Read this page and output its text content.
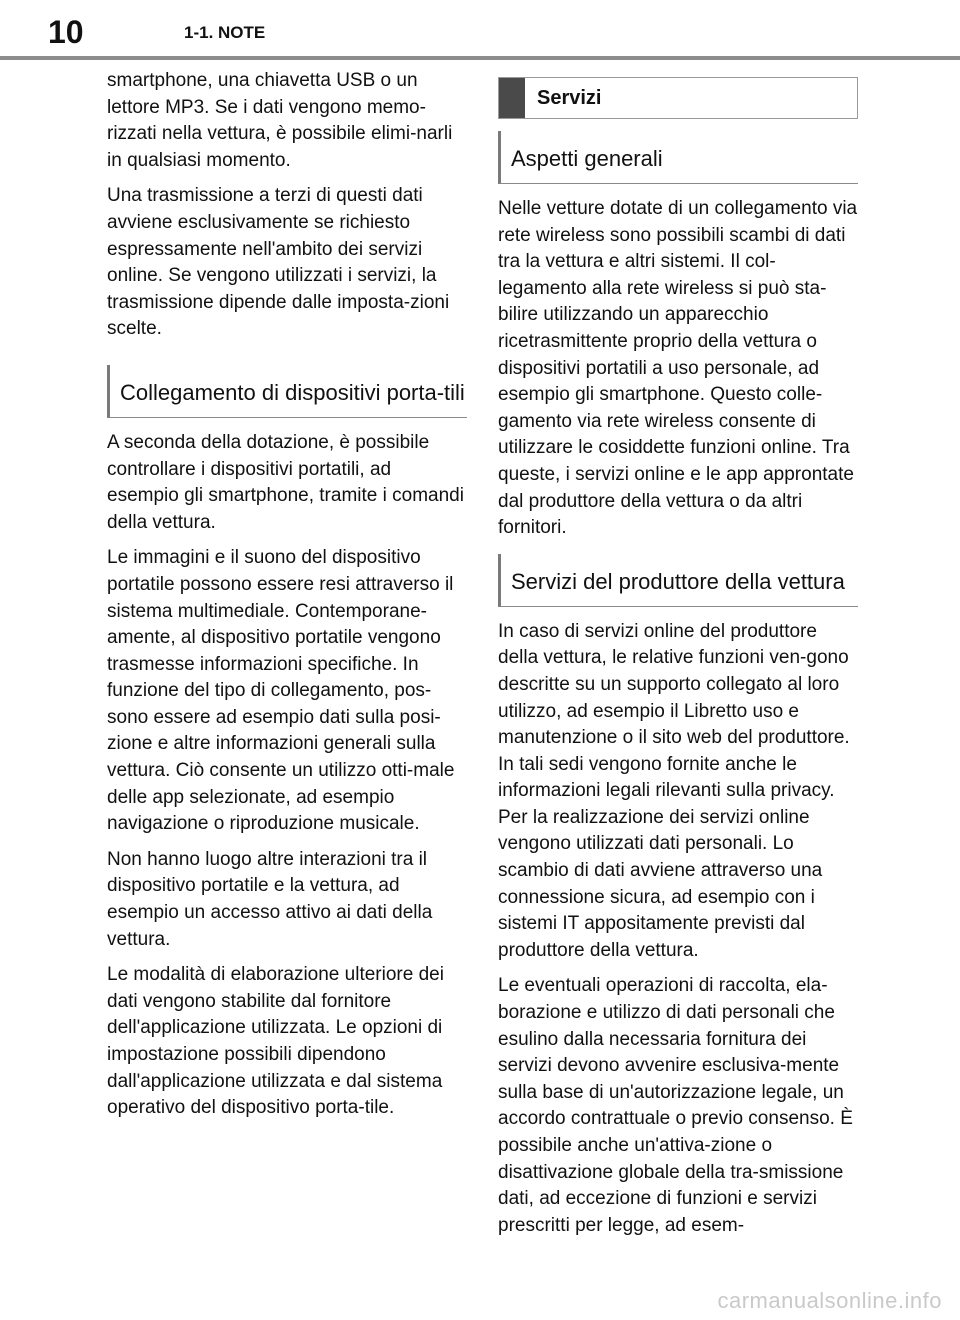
10	1-1. NOTE

smartphone, una chiavetta USB o un lettore MP3. Se i dati vengono memo-rizzati nella vettura, è possibile elimi-narli in qualsiasi momento.

Una trasmissione a terzi di questi dati avviene esclusivamente se richiesto espressamente nell'ambito dei servizi online. Se vengono utilizzati i servizi, la trasmissione dipende dalle imposta-zioni scelte.

Collegamento di dispositivi porta-tili

A seconda della dotazione, è possibile controllare i dispositivi portatili, ad esempio gli smartphone, tramite i comandi della vettura.

Le immagini e il suono del dispositivo portatile possono essere resi attraverso il sistema multimediale. Contemporane-amente, al dispositivo portatile vengono trasmesse informazioni specifiche. In funzione del tipo di collegamento, pos-sono essere ad esempio dati sulla posi-zione e altre informazioni generali sulla vettura. Ciò consente un utilizzo otti-male delle app selezionate, ad esempio navigazione o riproduzione musicale.

Non hanno luogo altre interazioni tra il dispositivo portatile e la vettura, ad esempio un accesso attivo ai dati della vettura.

Le modalità di elaborazione ulteriore dei dati vengono stabilite dal fornitore dell'applicazione utilizzata. Le opzioni di impostazione possibili dipendono dall'applicazione utilizzata e dal sistema operativo del dispositivo porta-tile.

Servizi
Aspetti generali

Nelle vetture dotate di un collegamento via rete wireless sono possibili scambi di dati tra la vettura e altri sistemi. Il col-legamento alla rete wireless si può sta-bilire utilizzando un apparecchio ricetrasmittente proprio della vettura o dispositivi portatili a uso personale, ad esempio gli smartphone. Questo colle-gamento via rete wireless consente di utilizzare le cosiddette funzioni online. Tra queste, i servizi online e le app approntate dal produttore della vettura o da altri fornitori.

Servizi del produttore della vettura

In caso di servizi online del produttore della vettura, le relative funzioni ven-gono descritte su un supporto collegato al loro utilizzo, ad esempio il Libretto uso e manutenzione o il sito web del produttore. In tali sedi vengono fornite anche le informazioni legali rilevanti sulla privacy. Per la realizzazione dei servizi online vengono utilizzati dati personali. Lo scambio di dati avviene attraverso una connessione sicura, ad esempio con i sistemi IT appositamente previsti dal produttore della vettura.

Le eventuali operazioni di raccolta, ela-borazione e utilizzo di dati personali che esulino dalla necessaria fornitura dei servizi devono avvenire esclusiva-mente sulla base di un'autorizzazione legale, un accordo contrattuale o previo consenso. È possibile anche un'attiva-zione o disattivazione globale della tra-smissione dati, ad eccezione di funzioni e servizi prescritti per legge, ad esem-

carmanualsonline.info
